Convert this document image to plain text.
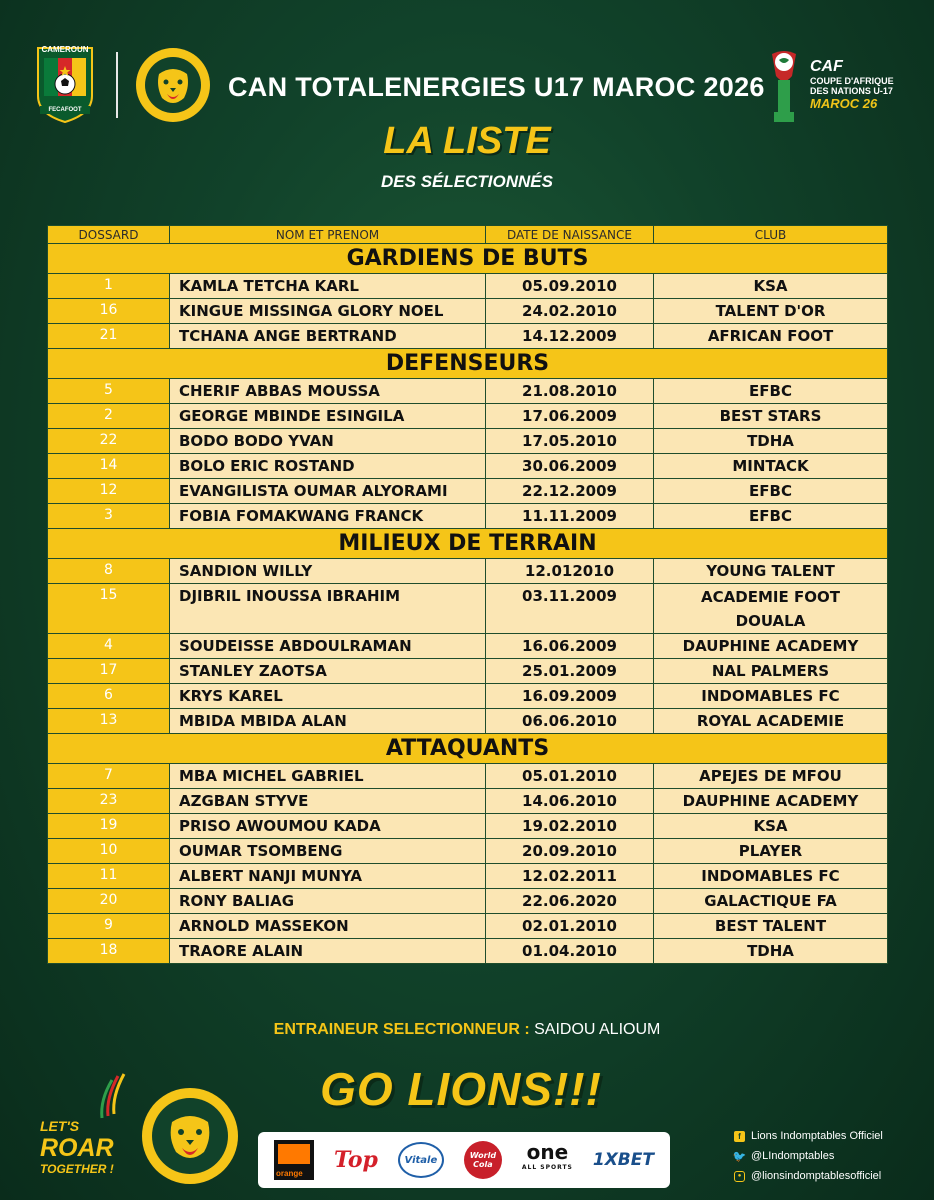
CAMEROUN
FECAFOOT
CAN TOTALENERGIES U17 MAROC 2026
CAF
COUPE D'AFRIQUE
DES NATIONS U-17
MAROC 26
LA LISTE
DES SÉLECTIONNÉS
DOSSARD	NOM ET PRENOM	DATE DE NAISSANCE	CLUB
GARDIENS DE BUTS			
1	KAMLA TETCHA KARL	05.09.2010	KSA
16	KINGUE MISSINGA GLORY NOEL	24.02.2010	TALENT D'OR
21	TCHANA ANGE BERTRAND	14.12.2009	AFRICAN FOOT
DEFENSEURS			
5	CHERIF ABBAS MOUSSA	21.08.2010	EFBC
2	GEORGE MBINDE ESINGILA	17.06.2009	BEST STARS
22	BODO BODO YVAN	17.05.2010	TDHA
14	BOLO ERIC ROSTAND	30.06.2009	MINTACK
12	EVANGILISTA OUMAR ALYORAMI	22.12.2009	EFBC
3	FOBIA FOMAKWANG FRANCK	11.11.2009	EFBC
MILIEUX DE TERRAIN			
8	SANDION WILLY	12.012010	YOUNG TALENT
15	DJIBRIL INOUSSA IBRAHIM	03.11.2009	ACADEMIE FOOT
DOUALA

4	SOUDEISSE ABDOULRAMAN	16.06.2009	DAUPHINE ACADEMY
17	STANLEY ZAOTSA	25.01.2009	NAL PALMERS
6	KRYS KAREL	16.09.2009	INDOMABLES FC
13	MBIDA MBIDA ALAN	06.06.2010	ROYAL ACADEMIE
ATTAQUANTS			
7	MBA MICHEL GABRIEL	05.01.2010	APEJES DE MFOU
23	AZGBAN STYVE	14.06.2010	DAUPHINE ACADEMY
19	PRISO AWOUMOU KADA	19.02.2010	KSA
10	OUMAR TSOMBENG	20.09.2010	PLAYER
11	ALBERT NANJI MUNYA	12.02.2011	INDOMABLES FC
20	RONY BALIAG	22.06.2020	GALACTIQUE FA
9	ARNOLD MASSEKON	02.01.2010	BEST TALENT
18	TRAORE ALAIN	01.04.2010	TDHA
ENTRAINEUR SELECTIONNEUR : SAIDOU ALIOUM
LET'S
ROAR
TOGETHER !
GO LIONS!!!
orange
Top	Vitale	World Cola
one
ALL SPORTS 1XBET
f Lions Indomptables Officiel
🐦 @LIndomptables
● @lionsindomptablesofficiel
